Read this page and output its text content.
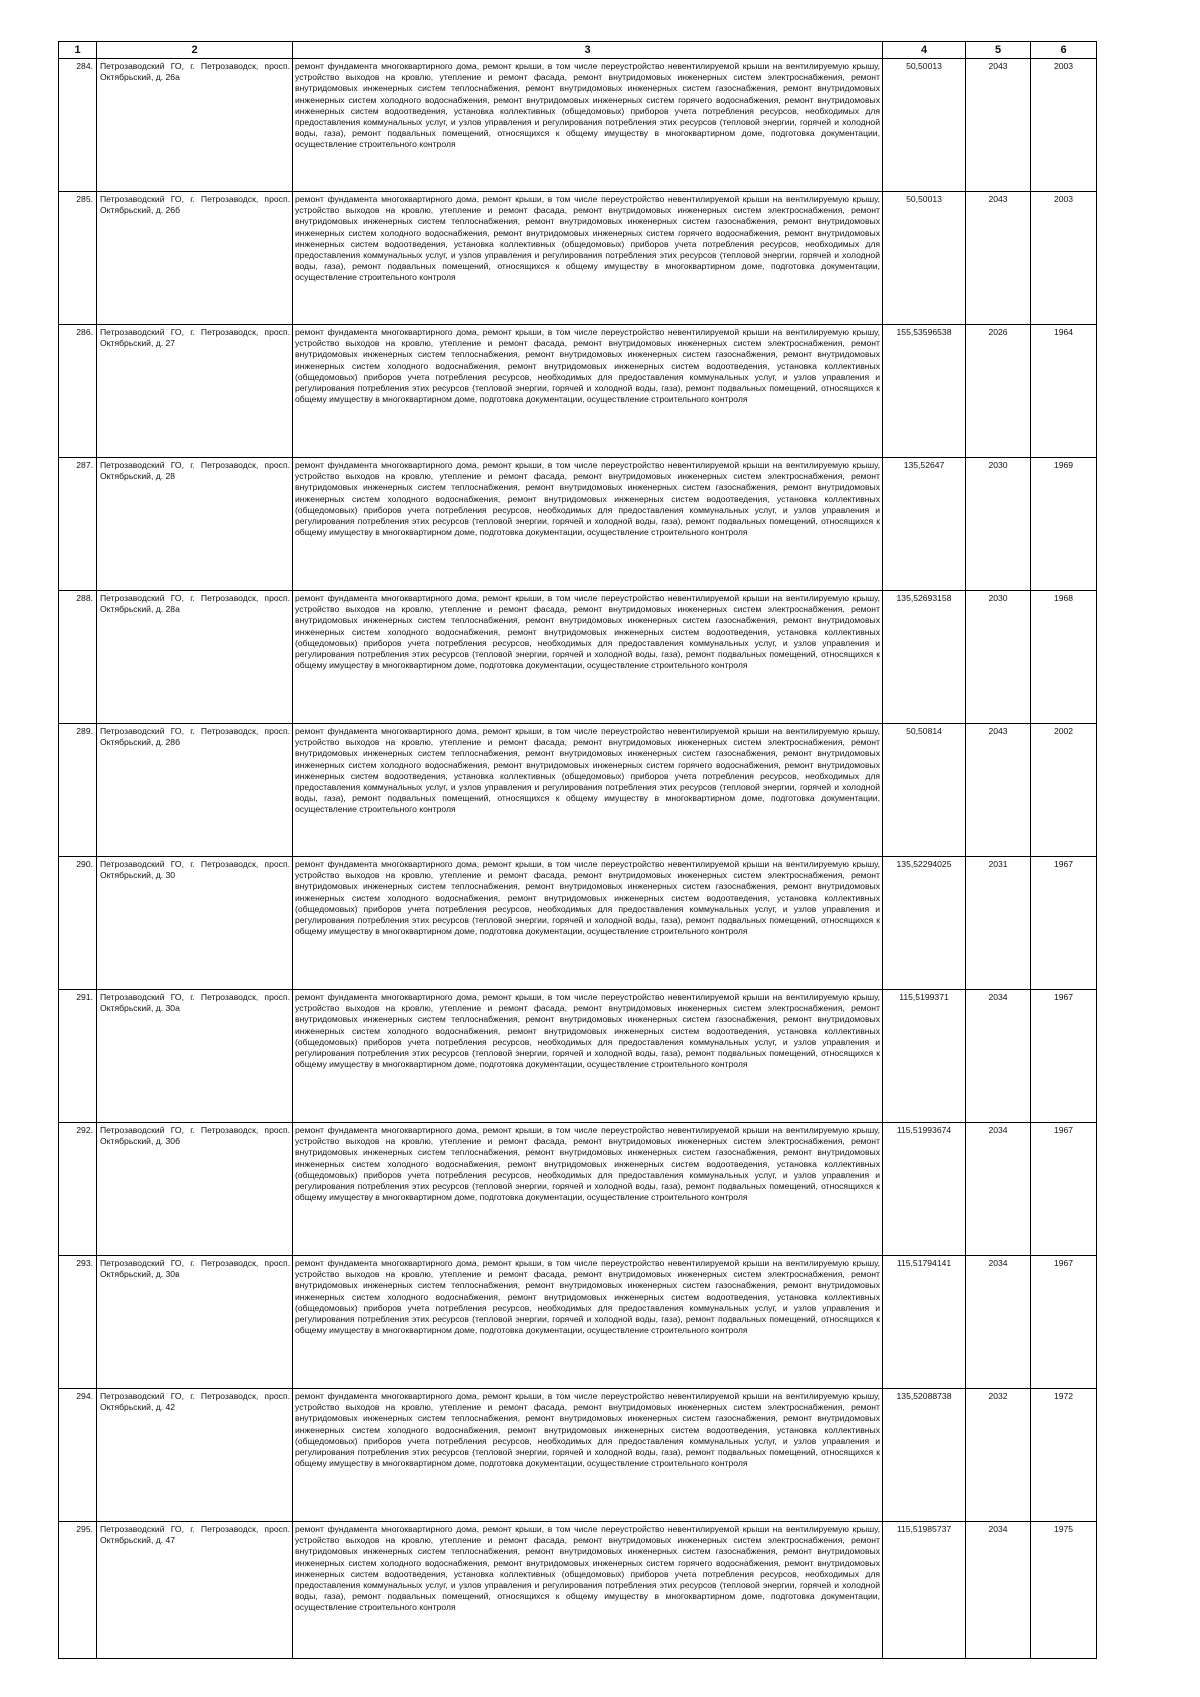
1	2	3	4	5	6
284.	Петрозаводский ГО, г. Петрозаводск, просп. Октябрьский, д. 26а	ремонт фундамента многоквартирного дома, ремонт крыши, в том числе переустройство невентилируемой крыши на вентилируемую крышу, устройство выходов на кровлю, утепление и ремонт фасада, ремонт внутридомовых инженерных систем электроснабжения, ремонт внутридомовых инженерных систем теплоснабжения, ремонт внутридомовых инженерных систем газоснабжения, ремонт внутридомовых инженерных систем холодного водоснабжения, ремонт внутридомовых инженерных систем горячего водоснабжения, ремонт внутридомовых инженерных систем водоотведения, установка коллективных (общедомовых) приборов учета потребления ресурсов, необходимых для предоставления коммунальных услуг, и узлов управления и регулирования потребления этих ресурсов (тепловой энергии, горячей и холодной воды, газа), ремонт подвальных помещений, относящихся к общему имуществу в многоквартирном доме, подготовка документации, осуществление строительного контроля	50,50013	2043	2003
285.	Петрозаводский ГО, г. Петрозаводск, просп. Октябрьский, д. 26б	ремонт фундамента многоквартирного дома, ремонт крыши, в том числе переустройство невентилируемой крыши на вентилируемую крышу, устройство выходов на кровлю, утепление и ремонт фасада, ремонт внутридомовых инженерных систем электроснабжения, ремонт внутридомовых инженерных систем теплоснабжения, ремонт внутридомовых инженерных систем газоснабжения, ремонт внутридомовых инженерных систем холодного водоснабжения, ремонт внутридомовых инженерных систем горячего водоснабжения, ремонт внутридомовых инженерных систем водоотведения, установка коллективных (общедомовых) приборов учета потребления ресурсов, необходимых для предоставления коммунальных услуг, и узлов управления и регулирования потребления этих ресурсов (тепловой энергии, горячей и холодной воды, газа), ремонт подвальных помещений, относящихся к общему имуществу в многоквартирном доме, подготовка документации, осуществление строительного контроля	50,50013	2043	2003
286.	Петрозаводский ГО, г. Петрозаводск, просп. Октябрьский, д. 27	ремонт фундамента многоквартирного дома, ремонт крыши, в том числе переустройство невентилируемой крыши на вентилируемую крышу, устройство выходов на кровлю, утепление и ремонт фасада, ремонт внутридомовых инженерных систем электроснабжения, ремонт внутридомовых инженерных систем теплоснабжения, ремонт внутридомовых инженерных систем газоснабжения, ремонт внутридомовых инженерных систем холодного водоснабжения, ремонт внутридомовых инженерных систем водоотведения, установка коллективных (общедомовых) приборов учета потребления ресурсов, необходимых для предоставления коммунальных услуг, и узлов управления и регулирования потребления этих ресурсов (тепловой энергии, горячей и холодной воды, газа), ремонт подвальных помещений, относящихся к общему имуществу в многоквартирном доме, подготовка документации, осуществление строительного контроля	155,53596538	2026	1964
287.	Петрозаводский ГО, г. Петрозаводск, просп. Октябрьский, д. 28	ремонт фундамента многоквартирного дома, ремонт крыши, в том числе переустройство невентилируемой крыши на вентилируемую крышу, устройство выходов на кровлю, утепление и ремонт фасада, ремонт внутридомовых инженерных систем электроснабжения, ремонт внутридомовых инженерных систем теплоснабжения, ремонт внутридомовых инженерных систем газоснабжения, ремонт внутридомовых инженерных систем холодного водоснабжения, ремонт внутридомовых инженерных систем водоотведения, установка коллективных (общедомовых) приборов учета потребления ресурсов, необходимых для предоставления коммунальных услуг, и узлов управления и регулирования потребления этих ресурсов (тепловой энергии, горячей и холодной воды, газа), ремонт подвальных помещений, относящихся к общему имуществу в многоквартирном доме, подготовка документации, осуществление строительного контроля	135,52647	2030	1969
288.	Петрозаводский ГО, г. Петрозаводск, просп. Октябрьский, д. 28а	ремонт фундамента многоквартирного дома, ремонт крыши, в том числе переустройство невентилируемой крыши на вентилируемую крышу, устройство выходов на кровлю, утепление и ремонт фасада, ремонт внутридомовых инженерных систем электроснабжения, ремонт внутридомовых инженерных систем теплоснабжения, ремонт внутридомовых инженерных систем газоснабжения, ремонт внутридомовых инженерных систем холодного водоснабжения, ремонт внутридомовых инженерных систем водоотведения, установка коллективных (общедомовых) приборов учета потребления ресурсов, необходимых для предоставления коммунальных услуг, и узлов управления и регулирования потребления этих ресурсов (тепловой энергии, горячей и холодной воды, газа), ремонт подвальных помещений, относящихся к общему имуществу в многоквартирном доме, подготовка документации, осуществление строительного контроля	135,52693158	2030	1968
289.	Петрозаводский ГО, г. Петрозаводск, просп. Октябрьский, д. 28б	ремонт фундамента многоквартирного дома, ремонт крыши, в том числе переустройство невентилируемой крыши на вентилируемую крышу, устройство выходов на кровлю, утепление и ремонт фасада, ремонт внутридомовых инженерных систем электроснабжения, ремонт внутридомовых инженерных систем теплоснабжения, ремонт внутридомовых инженерных систем газоснабжения, ремонт внутридомовых инженерных систем холодного водоснабжения, ремонт внутридомовых инженерных систем горячего водоснабжения, ремонт внутридомовых инженерных систем водоотведения, установка коллективных (общедомовых) приборов учета потребления ресурсов, необходимых для предоставления коммунальных услуг, и узлов управления и регулирования потребления этих ресурсов (тепловой энергии, горячей и холодной воды, газа), ремонт подвальных помещений, относящихся к общему имуществу в многоквартирном доме, подготовка документации, осуществление строительного контроля	50,50814	2043	2002
290.	Петрозаводский ГО, г. Петрозаводск, просп. Октябрьский, д. 30	ремонт фундамента многоквартирного дома, ремонт крыши, в том числе переустройство невентилируемой крыши на вентилируемую крышу, устройство выходов на кровлю, утепление и ремонт фасада, ремонт внутридомовых инженерных систем электроснабжения, ремонт внутридомовых инженерных систем теплоснабжения, ремонт внутридомовых инженерных систем газоснабжения, ремонт внутридомовых инженерных систем холодного водоснабжения, ремонт внутридомовых инженерных систем водоотведения, установка коллективных (общедомовых) приборов учета потребления ресурсов, необходимых для предоставления коммунальных услуг, и узлов управления и регулирования потребления этих ресурсов (тепловой энергии, горячей и холодной воды, газа), ремонт подвальных помещений, относящихся к общему имуществу в многоквартирном доме, подготовка документации, осуществление строительного контроля	135,52294025	2031	1967
291.	Петрозаводский ГО, г. Петрозаводск, просп. Октябрьский, д. 30а	ремонт фундамента многоквартирного дома, ремонт крыши, в том числе переустройство невентилируемой крыши на вентилируемую крышу, устройство выходов на кровлю, утепление и ремонт фасада, ремонт внутридомовых инженерных систем электроснабжения, ремонт внутридомовых инженерных систем теплоснабжения, ремонт внутридомовых инженерных систем газоснабжения, ремонт внутридомовых инженерных систем холодного водоснабжения, ремонт внутридомовых инженерных систем водоотведения, установка коллективных (общедомовых) приборов учета потребления ресурсов, необходимых для предоставления коммунальных услуг, и узлов управления и регулирования потребления этих ресурсов (тепловой энергии, горячей и холодной воды, газа), ремонт подвальных помещений, относящихся к общему имуществу в многоквартирном доме, подготовка документации, осуществление строительного контроля	115,5199371	2034	1967
292.	Петрозаводский ГО, г. Петрозаводск, просп. Октябрьский, д. 30б	ремонт фундамента многоквартирного дома, ремонт крыши, в том числе переустройство невентилируемой крыши на вентилируемую крышу, устройство выходов на кровлю, утепление и ремонт фасада, ремонт внутридомовых инженерных систем электроснабжения, ремонт внутридомовых инженерных систем теплоснабжения, ремонт внутридомовых инженерных систем газоснабжения, ремонт внутридомовых инженерных систем холодного водоснабжения, ремонт внутридомовых инженерных систем водоотведения, установка коллективных (общедомовых) приборов учета потребления ресурсов, необходимых для предоставления коммунальных услуг, и узлов управления и регулирования потребления этих ресурсов (тепловой энергии, горячей и холодной воды, газа), ремонт подвальных помещений, относящихся к общему имуществу в многоквартирном доме, подготовка документации, осуществление строительного контроля	115,51993674	2034	1967
293.	Петрозаводский ГО, г. Петрозаводск, просп. Октябрьский, д. 30в	ремонт фундамента многоквартирного дома, ремонт крыши, в том числе переустройство невентилируемой крыши на вентилируемую крышу, устройство выходов на кровлю, утепление и ремонт фасада, ремонт внутридомовых инженерных систем электроснабжения, ремонт внутридомовых инженерных систем теплоснабжения, ремонт внутридомовых инженерных систем газоснабжения, ремонт внутридомовых инженерных систем холодного водоснабжения, ремонт внутридомовых инженерных систем водоотведения, установка коллективных (общедомовых) приборов учета потребления ресурсов, необходимых для предоставления коммунальных услуг, и узлов управления и регулирования потребления этих ресурсов (тепловой энергии, горячей и холодной воды, газа), ремонт подвальных помещений, относящихся к общему имуществу в многоквартирном доме, подготовка документации, осуществление строительного контроля	115,51794141	2034	1967
294.	Петрозаводский ГО, г. Петрозаводск, просп. Октябрьский, д. 42	ремонт фундамента многоквартирного дома, ремонт крыши, в том числе переустройство невентилируемой крыши на вентилируемую крышу, устройство выходов на кровлю, утепление и ремонт фасада, ремонт внутридомовых инженерных систем электроснабжения, ремонт внутридомовых инженерных систем теплоснабжения, ремонт внутридомовых инженерных систем газоснабжения, ремонт внутридомовых инженерных систем холодного водоснабжения, ремонт внутридомовых инженерных систем водоотведения, установка коллективных (общедомовых) приборов учета потребления ресурсов, необходимых для предоставления коммунальных услуг, и узлов управления и регулирования потребления этих ресурсов (тепловой энергии, горячей и холодной воды, газа), ремонт подвальных помещений, относящихся к общему имуществу в многоквартирном доме, подготовка документации, осуществление строительного контроля	135,52088738	2032	1972
295.	Петрозаводский ГО, г. Петрозаводск, просп. Октябрьский, д. 47	ремонт фундамента многоквартирного дома, ремонт крыши, в том числе переустройство невентилируемой крыши на вентилируемую крышу, устройство выходов на кровлю, утепление и ремонт фасада, ремонт внутридомовых инженерных систем электроснабжения, ремонт внутридомовых инженерных систем теплоснабжения, ремонт внутридомовых инженерных систем газоснабжения, ремонт внутридомовых инженерных систем холодного водоснабжения, ремонт внутридомовых инженерных систем горячего водоснабжения, ремонт внутридомовых инженерных систем водоотведения, установка коллективных (общедомовых) приборов учета потребления ресурсов, необходимых для предоставления коммунальных услуг, и узлов управления и регулирования потребления этих ресурсов (тепловой энергии, горячей и холодной воды, газа), ремонт подвальных помещений, относящихся к общему имуществу в многоквартирном доме, подготовка документации, осуществление строительного контроля	115,51985737	2034	1975
